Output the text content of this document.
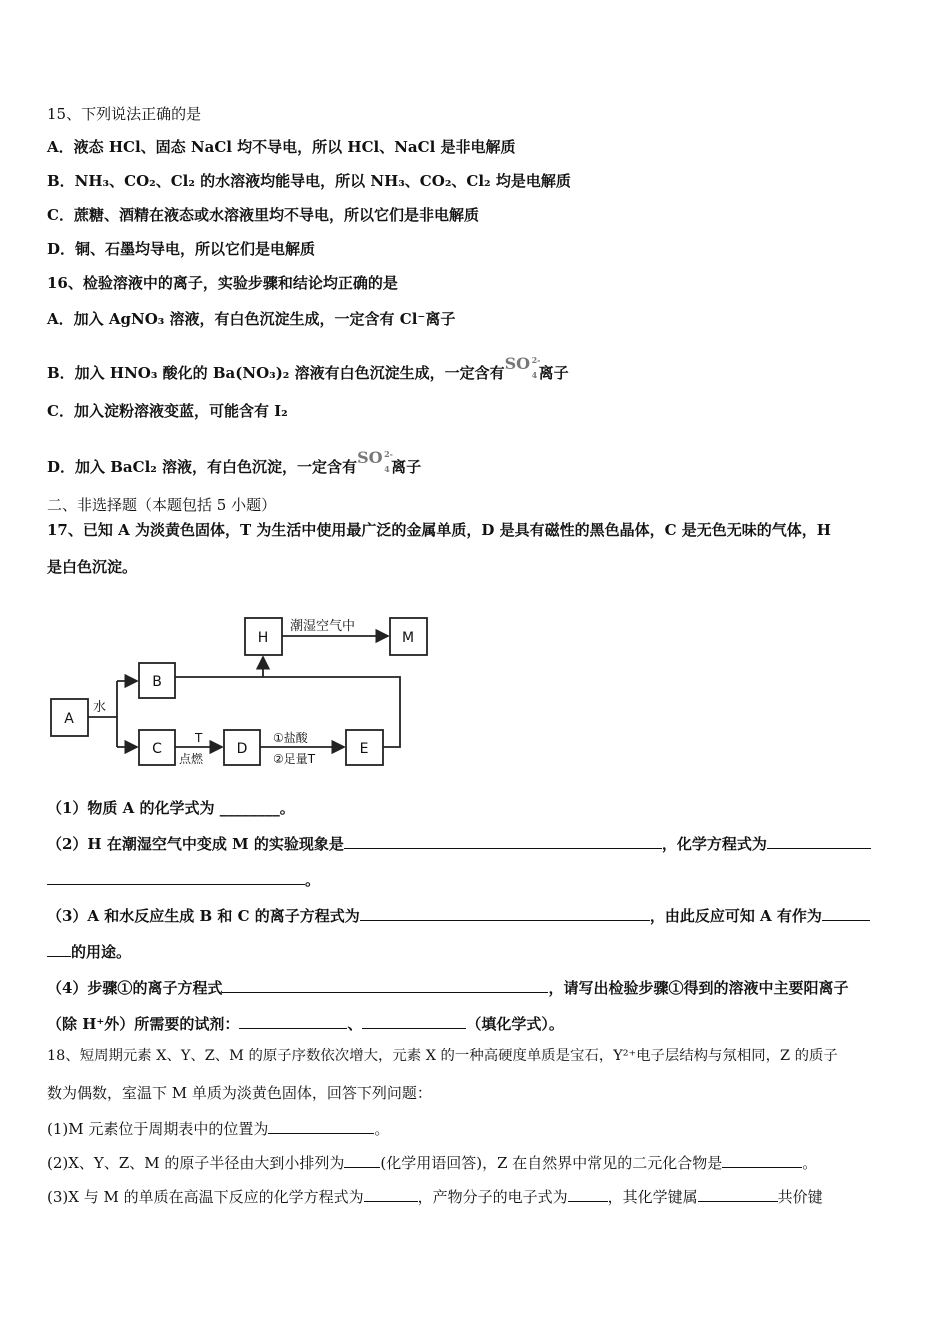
15、下列说法正确的是
A．液态 HCl、固态 NaCl 均不导电，所以 HCl、NaCl 是非电解质
B．NH₃、CO₂、Cl₂ 的水溶液均能导电，所以 NH₃、CO₂、Cl₂ 均是电解质
C．蔗糖、酒精在液态或水溶液里均不导电，所以它们是非电解质
D．铜、石墨均导电，所以它们是电解质
16、检验溶液中的离子，实验步骤和结论均正确的是
A．加入 AgNO₃ 溶液，有白色沉淀生成，一定含有 Cl⁻离子
B．加入 HNO₃ 酸化的 Ba(NO₃)₂ 溶液有白色沉淀生成，一定含有 SO 2-
4 离子
C．加入淀粉溶液变蓝，可能含有 I₂
D．加入 BaCl₂ 溶液，有白色沉淀，一定含有 SO 2-
4 离子
二、非选择题（本题包括 5 小题）
17、已知 A 为淡黄色固体，T 为生活中使用最广泛的金属单质，D 是具有磁性的黑色晶体，C 是无色无味的气体，H
是白色沉淀。
A
B
C	D	E
H	M
水
潮湿空气中
T
点燃
①盐酸
②足量T
（1）物质 A 的化学式为 ________。
（2）H 在潮湿空气中变成 M 的实验现象是	，化学方程式为
。
（3）A 和水反应生成 B 和 C 的离子方程式为	，由此反应可知 A 有作为
的用途。
（4）步骤①的离子方程式	，请写出检验步骤①得到的溶液中主要阳离子
（除 H⁺外）所需要的试剂：	、	（填化学式）。
18、短周期元素 X、Y、Z、M 的原子序数依次增大，元素 X 的一种高硬度单质是宝石，Y²⁺电子层结构与氖相同，Z 的质子
数为偶数，室温下 M 单质为淡黄色固体，回答下列问题：
(1)M 元素位于周期表中的位置为	。
(2)X、Y、Z、M 的原子半径由大到小排列为 (化学用语回答)，Z 在自然界中常见的二元化合物是	。
(3)X 与 M 的单质在高温下反应的化学方程式为	，产物分子的电子式为	，其化学键属	共价键
